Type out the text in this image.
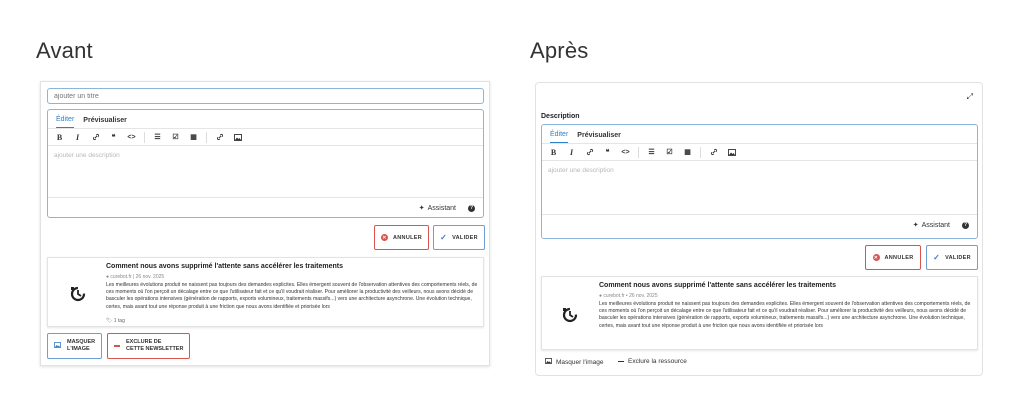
Avant	Après
ajouter un titre
Éditer Prévisualiser
B	I	❝	<>	☰	☑	▦
ajouter une description
✦ Assistant	?
✕ ANNULER ✓ VALIDER
Comment nous avons supprimé l'attente sans accélérer les traitements
● curebot.fr | 26 nov. 2025
Les meilleures évolutions produit ne naissent pas toujours des demandes explicites. Elles émergent souvent de l'observation attentives des comportements réels, de ces moments où l'on perçoit un décalage entre ce que l'utilisateur fait et ce qu'il voudrait réaliser. Pour améliorer la productivité des veilleurs, nous avons décidé de basculer les opérations intensives (génération de rapports, exports volumineux, traitements massifs...) vers une architecture asynchrone. Une évolution technique, certes, mais avant tout une réponse produit à une friction que nous avons identifiée et priorisée lors
🏷 1 tag
MASQUER
L'IMAGE
EXCLURE DE
CETTE NEWSLETTER
⤢
Description
Éditer Prévisualiser
B	I	❝	<>	☰	☑	▦
ajouter une description
✦ Assistant	?
✕ ANNULER ✓ VALIDER
Comment nous avons supprimé l'attente sans accélérer les traitements
● curebot.fr • 26 nov. 2025
Les meilleures évolutions produit ne naissent pas toujours des demandes explicites. Elles émergent souvent de l'observation attentives des comportements réels, de ces moments où l'on perçoit un décalage entre ce que l'utilisateur fait et ce qu'il voudrait réaliser. Pour améliorer la productivité des veilleurs, nous avons décidé de basculer les opérations intensives (génération de rapports, exports volumineux, traitements massifs...) vers une architecture asynchrone. Une évolution technique, certes, mais avant tout une réponse produit à une friction que nous avons identifiée et priorisée lors
Masquer l'image	Exclure la ressource
